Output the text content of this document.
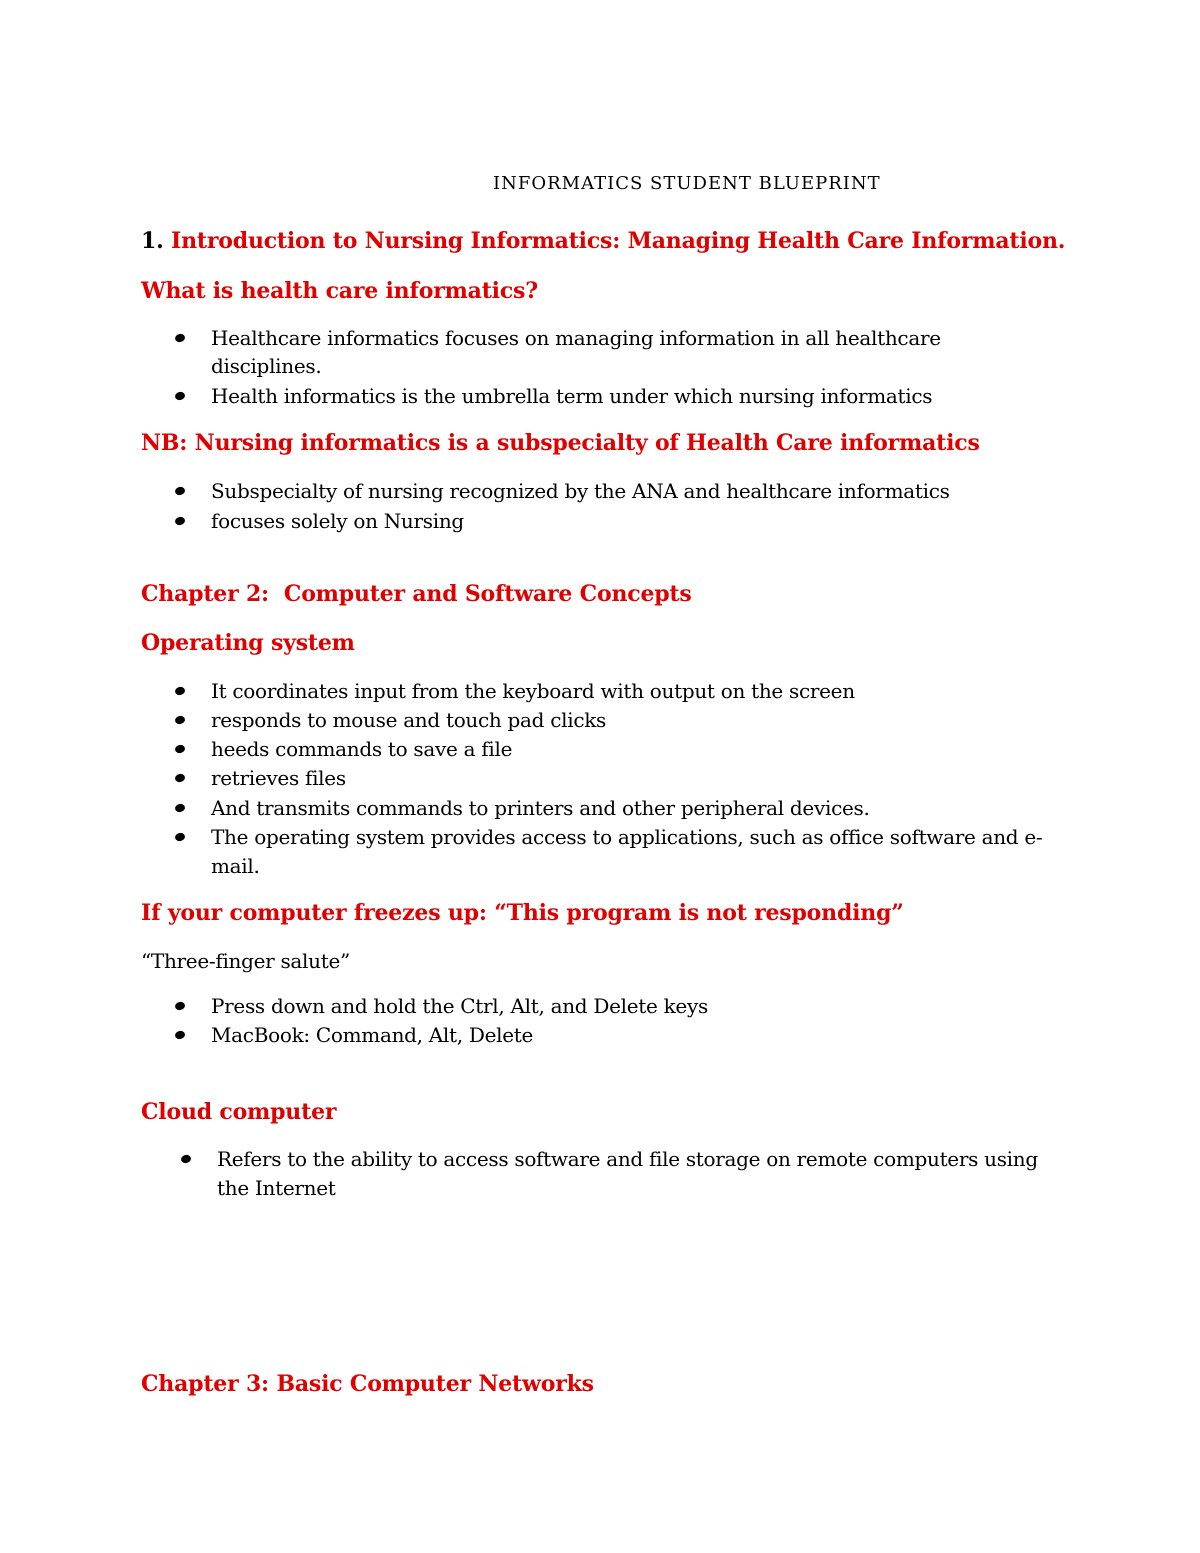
INFORMATICS STUDENT BLUEPRINT
1. Introduction to Nursing Informatics: Managing Health Care Information.
What is health care informatics?
Healthcare informatics focuses on managing information in all healthcare
disciplines.
Health informatics is the umbrella term under which nursing informatics
NB: Nursing informatics is a subspecialty of Health Care informatics
Subspecialty of nursing recognized by the ANA and healthcare informatics
focuses solely on Nursing
Chapter 2:  Computer and Software Concepts
Operating system
It coordinates input from the keyboard with output on the screen
responds to mouse and touch pad clicks
heeds commands to save a file
retrieves files
And transmits commands to printers and other peripheral devices.
The operating system provides access to applications, such as office software and e-
mail.
If your computer freezes up: “This program is not responding”
“Three-finger salute”
Press down and hold the Ctrl, Alt, and Delete keys
MacBook: Command, Alt, Delete
Cloud computer
Refers to the ability to access software and file storage on remote computers using
the Internet
Chapter 3: Basic Computer Networks
